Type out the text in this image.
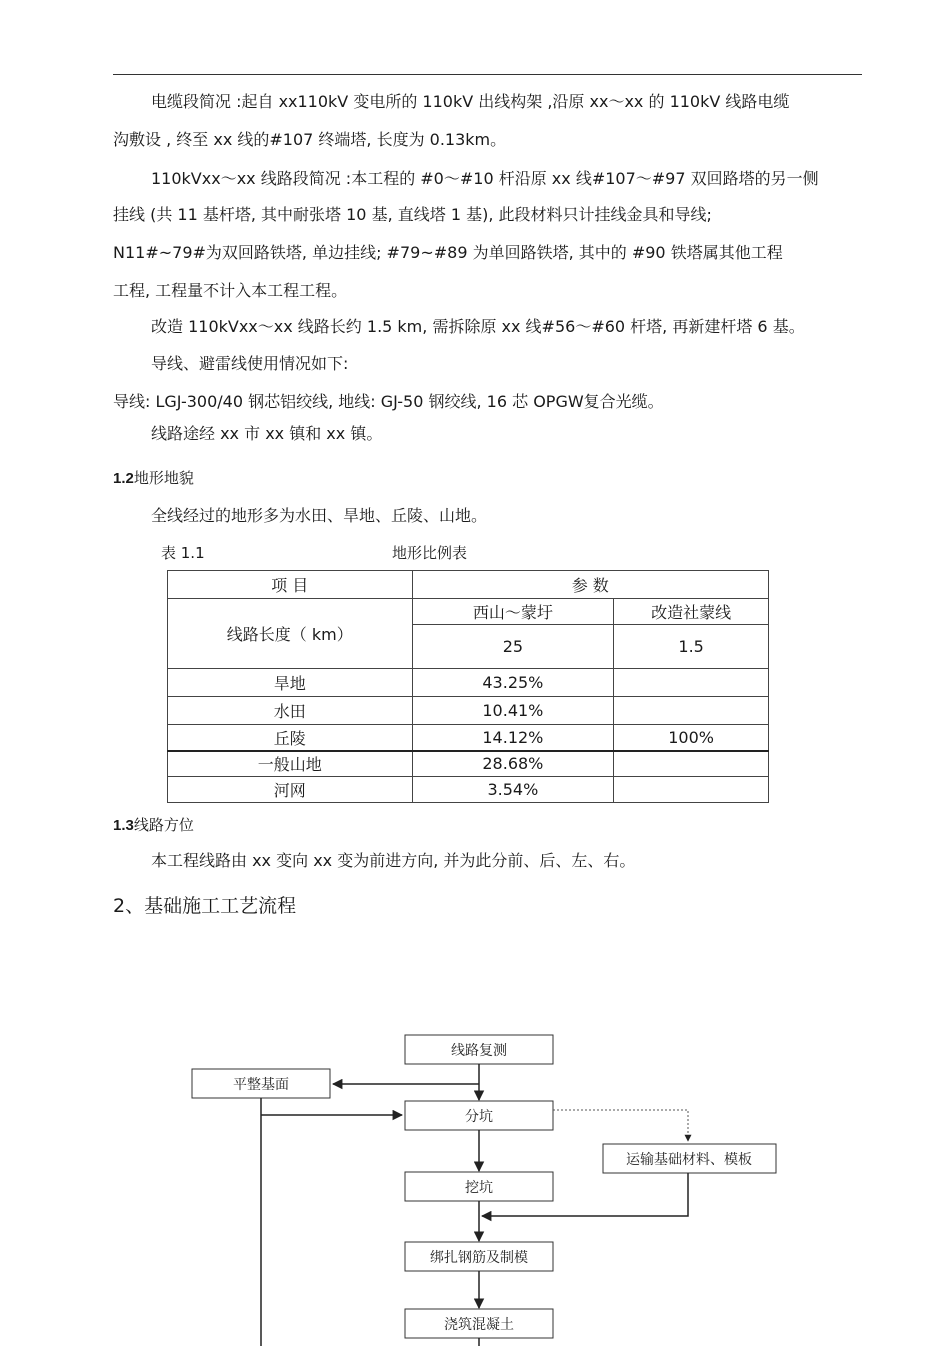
电缆段简况 :起自 xx110kV 变电所的 110kV 出线构架 ,沿原 xx～xx 的 110kV 线路电缆
沟敷设 , 终至 xx 线的#107 终端塔, 长度为 0.13km。
110kVxx～xx 线路段简况 :本工程的 #0～#10 杆沿原 xx 线#107～#97 双回路塔的另一侧
挂线 (共 11 基杆塔, 其中耐张塔 10 基, 直线塔 1 基), 此段材料只计挂线金具和导线;
N11#~79#为双回路铁塔, 单边挂线; #79~#89 为单回路铁塔, 其中的 #90 铁塔属其他工程
工程, 工程量不计入本工程工程。
改造 110kVxx～xx 线路长约 1.5 km, 需拆除原 xx 线#56～#60 杆塔, 再新建杆塔 6 基。
导线、避雷线使用情况如下:
导线: LGJ-300/40 钢芯铝绞线, 地线: GJ-50 钢绞线, 16 芯 OPGW复合光缆。
线路途经 xx 市 xx 镇和 xx 镇。
1.2地形地貌
全线经过的地形多为水田、旱地、丘陵、山地。
表 1.1	地形比例表
项 目	参 数	
线路长度（ km）	西山～蒙圩	改造社蒙线
	25	1.5
旱地	43.25%	
水田	10.41%	
丘陵	14.12%	100%
一般山地	28.68%	
河网	3.54%	
1.3线路方位
本工程线路由 xx 变向 xx 变为前进方向, 并为此分前、后、左、右。
2、基础施工工艺流程
线路复测
平整基面
分坑
运输基础材料、模板
挖坑
绑扎钢筋及制模
浇筑混凝土
